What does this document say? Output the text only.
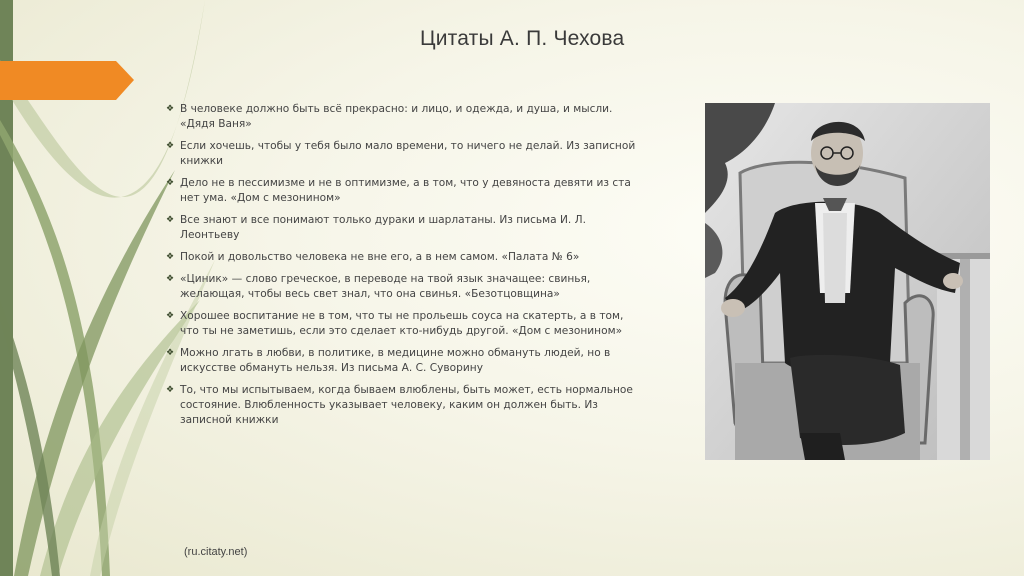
Цитаты А. П. Чехова
❖ В человеке должно быть всё прекрасно: и лицо, и одежда, и душа, и мысли. «Дядя Ваня»
❖ Если хочешь, чтобы у тебя было мало времени, то ничего не делай. Из записной книжки
❖ Дело не в пессимизме и не в оптимизме, а в том, что у девяноста девяти из ста нет ума. «Дом с мезонином»
❖ Все знают и все понимают только дураки и шарлатаны. Из письма И. Л. Леонтьеву
❖ Покой и довольство человека не вне его, а в нем самом. «Палата № 6»
❖ «Циник» — слово греческое, в переводе на твой язык значащее: свинья, желающая, чтобы весь свет знал, что она свинья. «Безотцовщина»
❖ Хорошее воспитание не в том, что ты не прольешь соуса на скатерть, а в том, что ты не заметишь, если это сделает кто-нибудь другой. «Дом с мезонином»
❖ Можно лгать в любви, в политике, в медицине можно обмануть людей, но в искусстве обмануть нельзя. Из письма А. С. Суворину
❖ То, что мы испытываем, когда бываем влюблены, быть может, есть нормальное состояние. Влюбленность указывает человеку, каким он должен быть. Из записной книжки
(ru.citaty.net)
